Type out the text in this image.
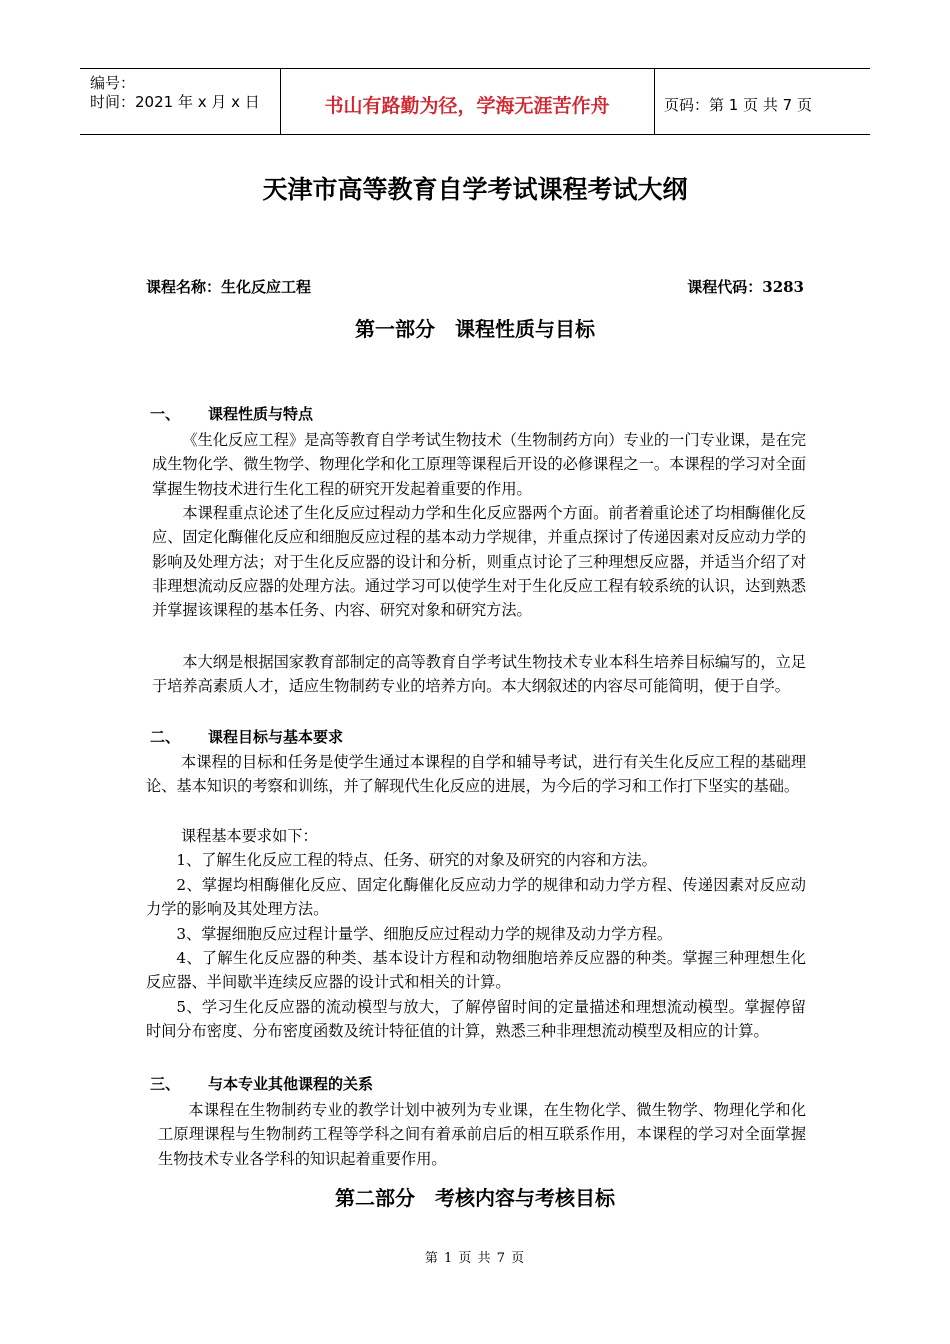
编号：
时间：2021 年 x 月 x 日	书山有路勤为径，学海无涯苦作舟	页码：第 1 页 共 7 页
天津市高等教育自学考试课程考试大纲
课程名称：生化反应工程	课程代码：3283
第一部分　课程性质与目标
一、 课程性质与特点
《生化反应工程》是高等教育自学考试生物技术（生物制药方向）专业的一门专业课，是在完成生物化学、微生物学、物理化学和化工原理等课程后开设的必修课程之一。本课程的学习对全面掌握生物技术进行生化工程的研究开发起着重要的作用。
本课程重点论述了生化反应过程动力学和生化反应器两个方面。前者着重论述了均相酶催化反应、固定化酶催化反应和细胞反应过程的基本动力学规律，并重点探讨了传递因素对反应动力学的影响及处理方法；对于生化反应器的设计和分析，则重点讨论了三种理想反应器，并适当介绍了对非理想流动反应器的处理方法。通过学习可以使学生对于生化反应工程有较系统的认识，达到熟悉并掌握该课程的基本任务、内容、研究对象和研究方法。
本大纲是根据国家教育部制定的高等教育自学考试生物技术专业本科生培养目标编写的，立足于培养高素质人才，适应生物制药专业的培养方向。本大纲叙述的内容尽可能简明，便于自学。
二、 课程目标与基本要求
本课程的目标和任务是使学生通过本课程的自学和辅导考试，进行有关生化反应工程的基础理论、基本知识的考察和训练，并了解现代生化反应的进展，为今后的学习和工作打下坚实的基础。
课程基本要求如下：
1、了解生化反应工程的特点、任务、研究的对象及研究的内容和方法。
2、掌握均相酶催化反应、固定化酶催化反应动力学的规律和动力学方程、传递因素对反应动力学的影响及其处理方法。
3、掌握细胞反应过程计量学、细胞反应过程动力学的规律及动力学方程。
4、了解生化反应器的种类、基本设计方程和动物细胞培养反应器的种类。掌握三种理想生化反应器、半间歇半连续反应器的设计式和相关的计算。
5、学习生化反应器的流动模型与放大，了解停留时间的定量描述和理想流动模型。掌握停留时间分布密度、分布密度函数及统计特征值的计算，熟悉三种非理想流动模型及相应的计算。
三、 与本专业其他课程的关系
本课程在生物制药专业的教学计划中被列为专业课，在生物化学、微生物学、物理化学和化工原理课程与生物制药工程等学科之间有着承前启后的相互联系作用，本课程的学习对全面掌握生物技术专业各学科的知识起着重要作用。
第二部分　考核内容与考核目标
第 1 页 共 7 页
